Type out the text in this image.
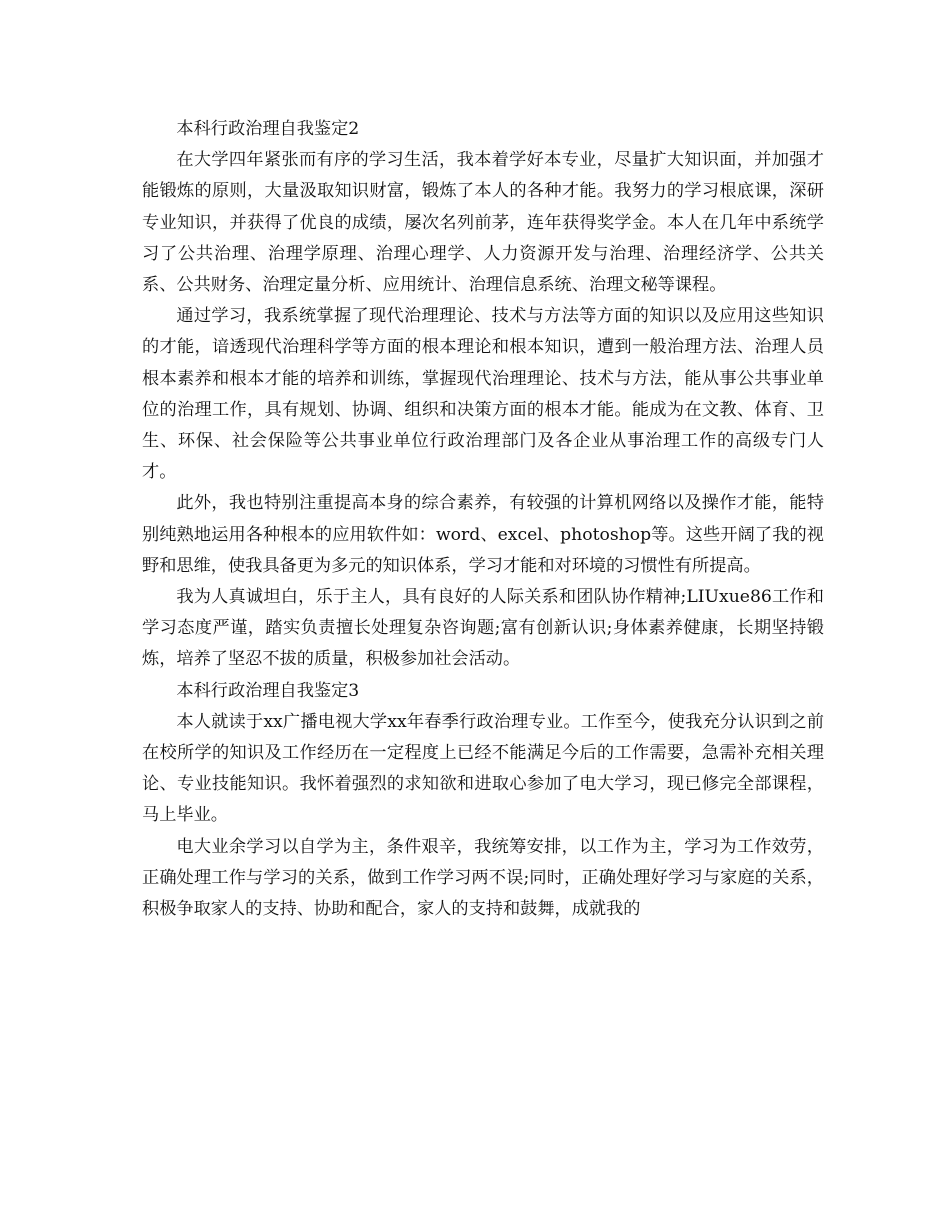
本科行政治理自我鉴定2

在大学四年紧张而有序的学习生活，我本着学好本专业，尽量扩大知识面，并加强才能锻炼的原则，大量汲取知识财富，锻炼了本人的各种才能。我努力的学习根底课，深研专业知识，并获得了优良的成绩，屡次名列前茅，连年获得奖学金。本人在几年中系统学习了公共治理、治理学原理、治理心理学、人力资源开发与治理、治理经济学、公共关系、公共财务、治理定量分析、应用统计、治理信息系统、治理文秘等课程。

通过学习，我系统掌握了现代治理理论、技术与方法等方面的知识以及应用这些知识的才能，谙透现代治理科学等方面的根本理论和根本知识，遭到一般治理方法、治理人员根本素养和根本才能的培养和训练，掌握现代治理理论、技术与方法，能从事公共事业单位的治理工作，具有规划、协调、组织和决策方面的根本才能。能成为在文教、体育、卫生、环保、社会保险等公共事业单位行政治理部门及各企业从事治理工作的高级专门人才。

此外，我也特别注重提高本身的综合素养，有较强的计算机网络以及操作才能，能特别纯熟地运用各种根本的应用软件如：word、excel、photoshop等。这些开阔了我的视野和思维，使我具备更为多元的知识体系，学习才能和对环境的习惯性有所提高。

我为人真诚坦白，乐于主人，具有良好的人际关系和团队协作精神;LIUxue86工作和学习态度严谨，踏实负责擅长处理复杂咨询题;富有创新认识;身体素养健康，长期坚持锻炼，培养了坚忍不拔的质量，积极参加社会活动。

本科行政治理自我鉴定3

本人就读于xx广播电视大学xx年春季行政治理专业。工作至今，使我充分认识到之前在校所学的知识及工作经历在一定程度上已经不能满足今后的工作需要，急需补充相关理论、专业技能知识。我怀着强烈的求知欲和进取心参加了电大学习，现已修完全部课程，马上毕业。

电大业余学习以自学为主，条件艰辛，我统筹安排，以工作为主，学习为工作效劳，正确处理工作与学习的关系，做到工作学习两不误;同时，正确处理好学习与家庭的关系，积极争取家人的支持、协助和配合，家人的支持和鼓舞，成就我的
